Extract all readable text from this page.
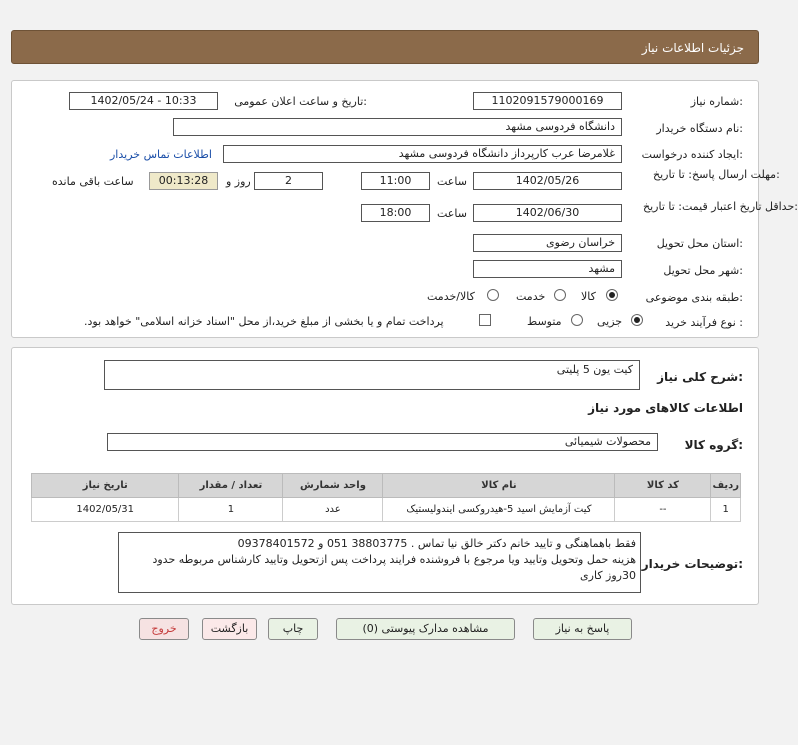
جزئیات اطلاعات نیاز
شماره نیاز:
1102091579000169
تاریخ و ساعت اعلان عمومی:
1402/05/24 - 10:33
نام دستگاه خریدار:
دانشگاه فردوسی مشهد
ایجاد کننده درخواست:
غلامرضا عرب کارپرداز دانشگاه فردوسی مشهد
اطلاعات تماس خریدار
مهلت ارسال پاسخ: تا تاریخ:
1402/05/26
ساعت
11:00
2
روز و
00:13:28
ساعت باقی مانده
حداقل تاریخ اعتبار قیمت: تا تاریخ:
1402/06/30
ساعت
18:00
استان محل تحویل:
خراسان رضوی
شهر محل تحویل:
مشهد
طبقه بندی موضوعی:
کالا
خدمت
کالا/خدمت
نوع فرآیند خرید :
جزیی
متوسط
پرداخت تمام و یا بخشی از مبلغ خرید،از محل "اسناد خزانه اسلامی" خواهد بود.
شرح کلی نیاز:
کیت یون 5 پلیتی
اطلاعات کالاهای مورد نیاز
گروه کالا:
محصولات شیمیائی
ردیف	کد کالا	نام کالا	واحد شمارش	تعداد / مقدار	تاریخ نیاز
1	--	کیت آزمایش اسید 5-هیدروکسی ایندولیستیک	عدد	1	1402/05/31
توضیحات خریدار:
فقط باهماهنگی و تایید خانم دکتر خالق نیا تماس . 38803775 051 و 09378401572
هزینه حمل وتحویل وتایید ویا مرجوع با فروشنده فرایند پرداخت پس ازتحویل وتایید کارشناس مربوطه حدود 30روز کاری
پاسخ به نیاز
مشاهده مدارک پیوستی (0)
چاپ
بازگشت
خروج
